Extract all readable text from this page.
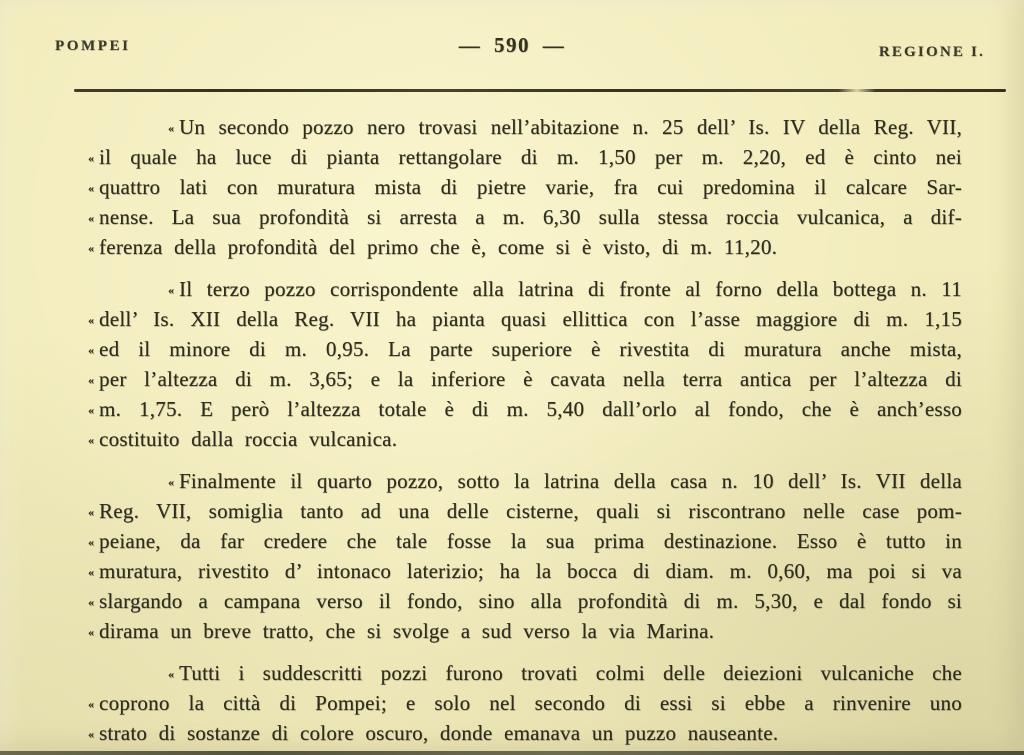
POMPEI	— 590 —	REGIONE I.
« Un secondo pozzo nero trovasi nell’abitazione n. 25 dell’ Is. IV della Reg. VII,
« il quale ha luce di pianta rettangolare di m. 1,50 per m. 2,20, ed è cinto nei
« quattro lati con muratura mista di pietre varie, fra cui predomina il calcare Sar-
« nense. La sua profondità si arresta a m. 6,30 sulla stessa roccia vulcanica, a dif-
« ferenza della profondità del primo che è, come si è visto, di m. 11,20.
« Il terzo pozzo corrispondente alla latrina di fronte al forno della bottega n. 11
« dell’ Is. XII della Reg. VII ha pianta quasi ellittica con l’asse maggiore di m. 1,15
« ed il minore di m. 0,95. La parte superiore è rivestita di muratura anche mista,
« per l’altezza di m. 3,65; e la inferiore è cavata nella terra antica per l’altezza di
« m. 1,75. E però l’altezza totale è di m. 5,40 dall’orlo al fondo, che è anch’esso
« costituito dalla roccia vulcanica.
« Finalmente il quarto pozzo, sotto la latrina della casa n. 10 dell’ Is. VII della
« Reg. VII, somiglia tanto ad una delle cisterne, quali si riscontrano nelle case pom-
« peiane, da far credere che tale fosse la sua prima destinazione. Esso è tutto in
« muratura, rivestito d’ intonaco laterizio; ha la bocca di diam. m. 0,60, ma poi si va
« slargando a campana verso il fondo, sino alla profondità di m. 5,30, e dal fondo si
« dirama un breve tratto, che si svolge a sud verso la via Marina.
« Tutti i suddescritti pozzi furono trovati colmi delle deiezioni vulcaniche che
« coprono la città di Pompei; e solo nel secondo di essi si ebbe a rinvenire uno
« strato di sostanze di colore oscuro, donde emanava un puzzo nauseante.
